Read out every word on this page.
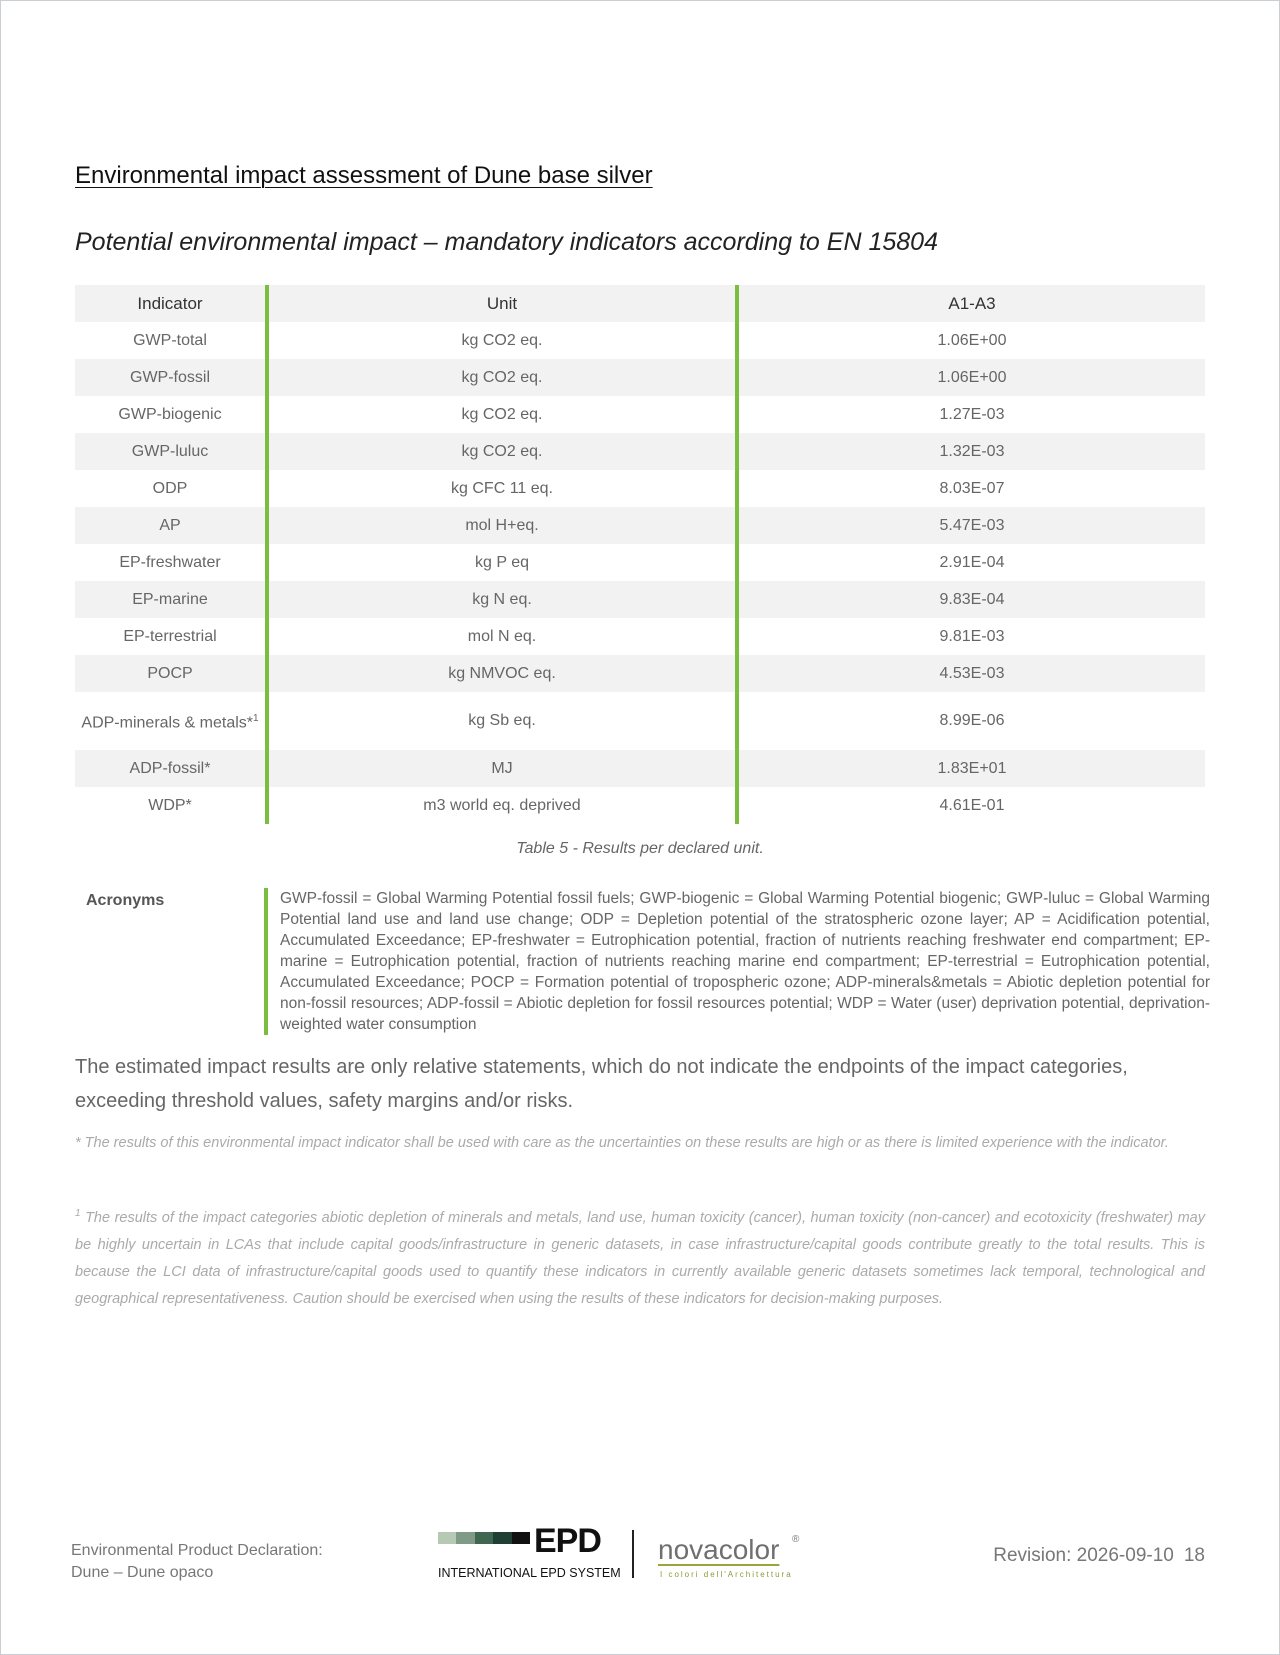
Environmental impact assessment of Dune base silver
Potential environmental impact – mandatory indicators according to EN 15804
Indicator	Unit	A1-A3
GWP-total	kg CO2 eq.	1.06E+00
GWP-fossil	kg CO2 eq.	1.06E+00
GWP-biogenic	kg CO2 eq.	1.27E-03
GWP-luluc	kg CO2 eq.	1.32E-03
ODP	kg CFC 11 eq.	8.03E-07
AP	mol H+eq.	5.47E-03
EP-freshwater	kg P eq	2.91E-04
EP-marine	kg N eq.	9.83E-04
EP-terrestrial	mol N eq.	9.81E-03
POCP	kg NMVOC eq.	4.53E-03
ADP-minerals & metals*$^1$	kg Sb eq.	8.99E-06
ADP-fossil*	MJ	1.83E+01
WDP*	m3 world eq. deprived	4.61E-01
Table 5 - Results per declared unit.
Acronyms	GWP-fossil = Global Warming Potential fossil fuels; GWP-biogenic = Global Warming Potential biogenic; GWP-luluc = Global Warming Potential land use and land use change; ODP = Depletion potential of the stratospheric ozone layer; AP = Acidification potential, Accumulated Exceedance; EP-freshwater = Eutrophication potential, fraction of nutrients reaching freshwater end compartment; EP-marine = Eutrophication potential, fraction of nutrients reaching marine end compartment; EP-terrestrial = Eutrophication potential, Accumulated Exceedance; POCP = Formation potential of tropospheric ozone; ADP-minerals&metals = Abiotic depletion potential for non-fossil resources; ADP-fossil = Abiotic depletion for fossil resources potential; WDP = Water (user) deprivation potential, deprivation-weighted water consumption
The estimated impact results are only relative statements, which do not indicate the endpoints of the impact categories, exceeding threshold values, safety margins and/or risks.
* The results of this environmental impact indicator shall be used with care as the uncertainties on these results are high or as there is limited experience with the indicator.
$^1$ The results of the impact categories abiotic depletion of minerals and metals, land use, human toxicity (cancer), human toxicity (non-cancer) and ecotoxicity (freshwater) may be highly uncertain in LCAs that include capital goods/infrastructure in generic datasets, in case infrastructure/capital goods contribute greatly to the total results. This is because the LCI data of infrastructure/capital goods used to quantify these indicators in currently available generic datasets sometimes lack temporal, technological and geographical representativeness. Caution should be exercised when using the results of these indicators for decision-making purposes.
Environmental Product Declaration:
Dune – Dune opaco
EPD
INTERNATIONAL EPD SYSTEM
novacolor ®
I colori dell'Architettura
Revision: 2026-09-10 18
